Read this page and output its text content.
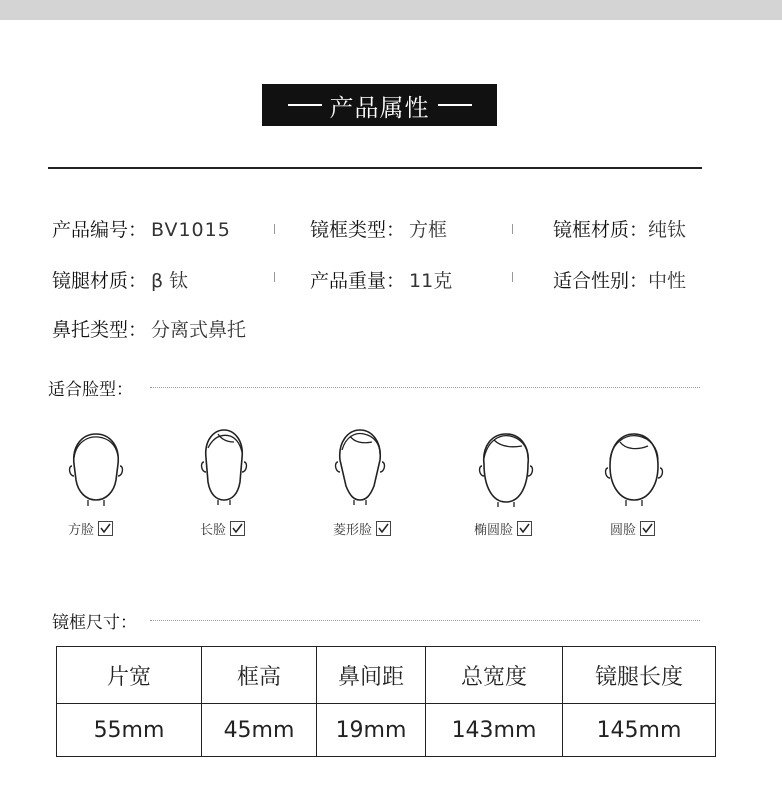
产品属性
产品编号： BV1015	镜框类型： 方框	镜框材质：纯钛
镜腿材质： β 钛	产品重量： 11克	适合性别：中性
鼻托类型： 分离式鼻托
适合脸型：
方脸	长脸	菱形脸	椭圆脸	圆脸
镜框尺寸：
片宽	框高	鼻间距	总宽度	镜腿长度
55mm	45mm	19mm	143mm	145mm
